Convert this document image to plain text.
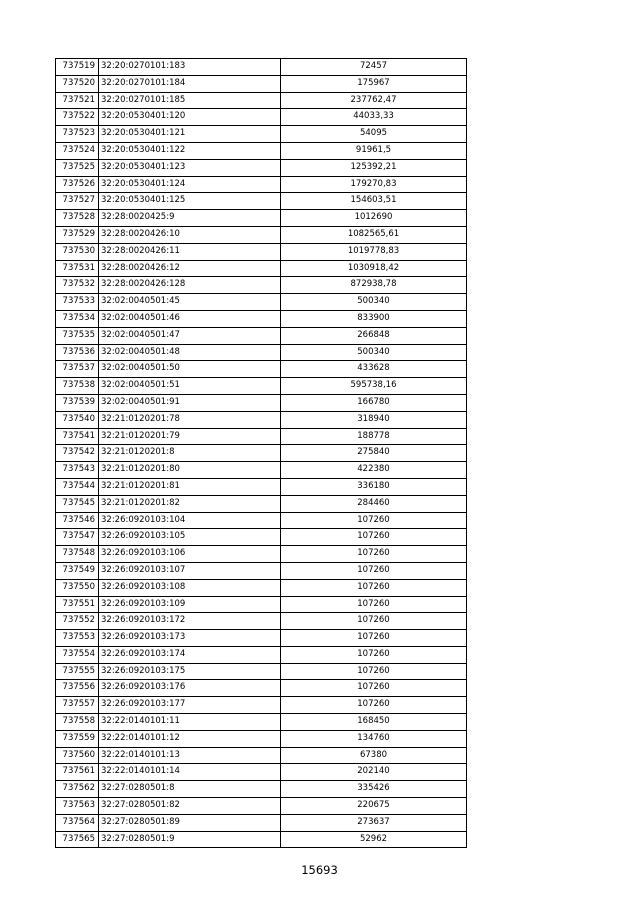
737519	32:20:0270101:183	72457
737520	32:20:0270101:184	175967
737521	32:20:0270101:185	237762,47
737522	32:20:0530401:120	44033,33
737523	32:20:0530401:121	54095
737524	32:20:0530401:122	91961,5
737525	32:20:0530401:123	125392,21
737526	32:20:0530401:124	179270,83
737527	32:20:0530401:125	154603,51
737528	32:28:0020425:9	1012690
737529	32:28:0020426:10	1082565,61
737530	32:28:0020426:11	1019778,83
737531	32:28:0020426:12	1030918,42
737532	32:28:0020426:128	872938,78
737533	32:02:0040501:45	500340
737534	32:02:0040501:46	833900
737535	32:02:0040501:47	266848
737536	32:02:0040501:48	500340
737537	32:02:0040501:50	433628
737538	32:02:0040501:51	595738,16
737539	32:02:0040501:91	166780
737540	32:21:0120201:78	318940
737541	32:21:0120201:79	188778
737542	32:21:0120201:8	275840
737543	32:21:0120201:80	422380
737544	32:21:0120201:81	336180
737545	32:21:0120201:82	284460
737546	32:26:0920103:104	107260
737547	32:26:0920103:105	107260
737548	32:26:0920103:106	107260
737549	32:26:0920103:107	107260
737550	32:26:0920103:108	107260
737551	32:26:0920103:109	107260
737552	32:26:0920103:172	107260
737553	32:26:0920103:173	107260
737554	32:26:0920103:174	107260
737555	32:26:0920103:175	107260
737556	32:26:0920103:176	107260
737557	32:26:0920103:177	107260
737558	32:22:0140101:11	168450
737559	32:22:0140101:12	134760
737560	32:22:0140101:13	67380
737561	32:22:0140101:14	202140
737562	32:27:0280501:8	335426
737563	32:27:0280501:82	220675
737564	32:27:0280501:89	273637
737565	32:27:0280501:9	52962
15693
